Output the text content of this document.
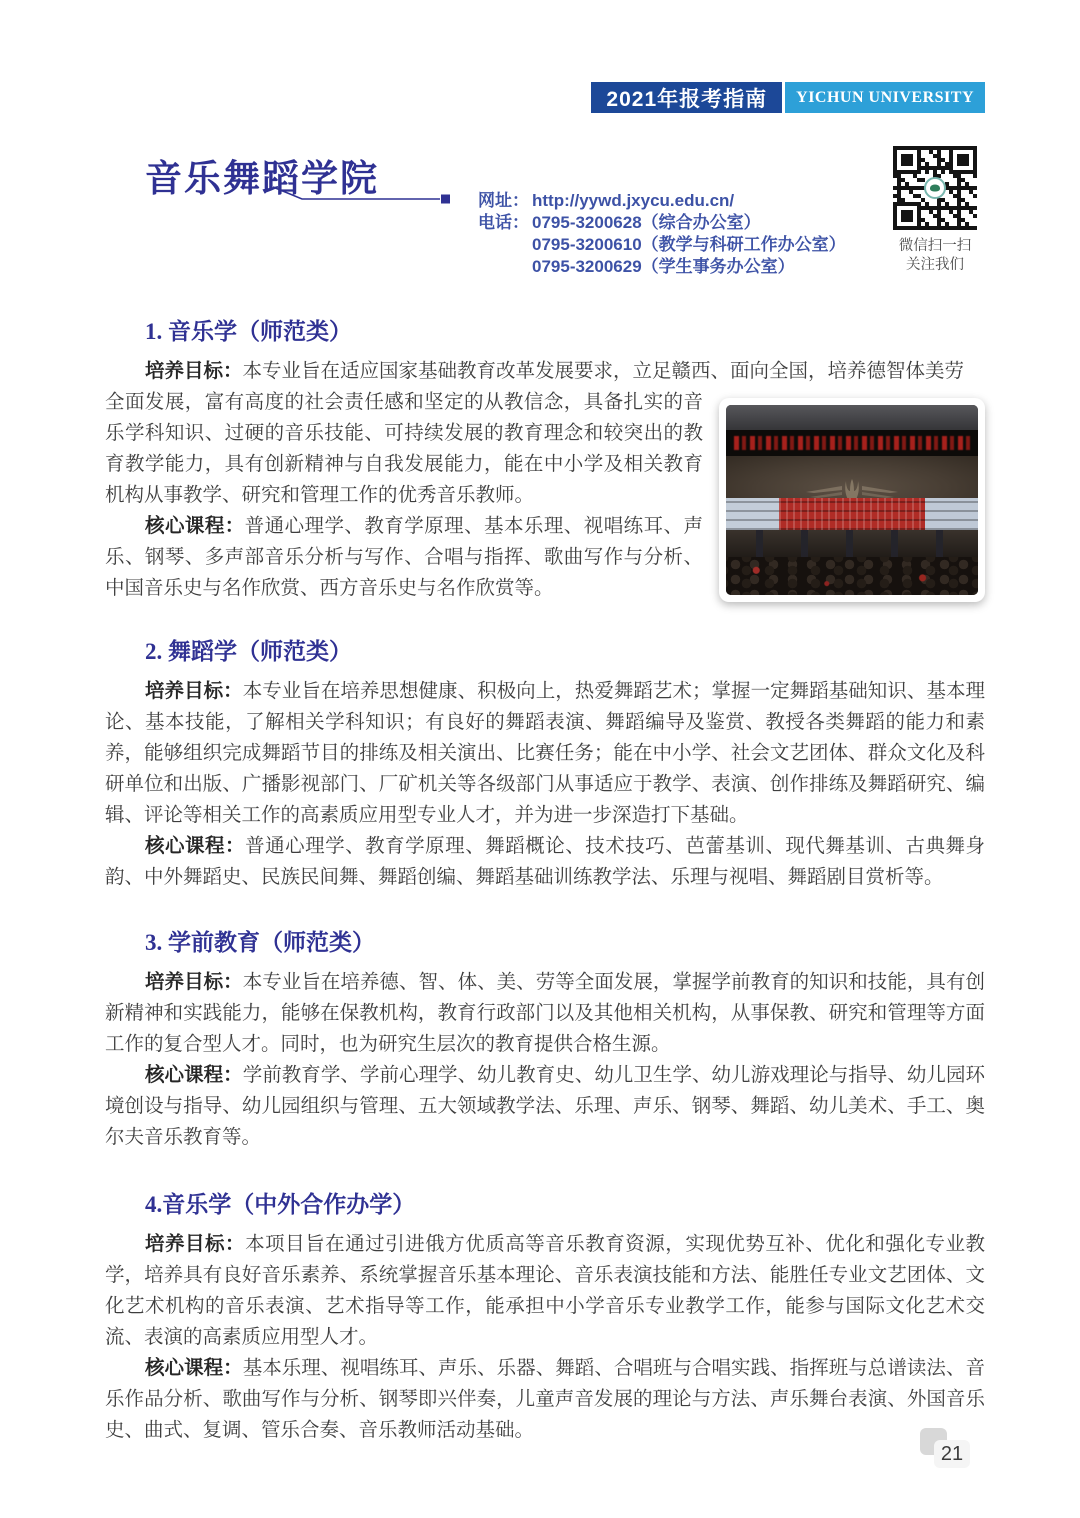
2021年报考指南	YICHUN UNIVERSITY
音乐舞蹈学院
网址： http://yywd.jxycu.edu.cn/
电话： 0795-3200628（综合办公室）
0795-3200610（教学与科研工作办公室）
0795-3200629（学生事务办公室）
微信扫一扫
关注我们
1. 音乐学（师范类）

培养目标：本专业旨在适应国家基础教育改革发展要求，立足赣西、面向全国，培养德智体美劳

全面发展，富有高度的社会责任感和坚定的从教信念，具备扎实的音乐学科知识、过硬的音乐技能、可持续发展的教育理念和较突出的教育教学能力，具有创新精神与自我发展能力，能在中小学及相关教育机构从事教学、研究和管理工作的优秀音乐教师。

核心课程：普通心理学、教育学原理、基本乐理、视唱练耳、声乐、钢琴、多声部音乐分析与写作、合唱与指挥、歌曲写作与分析、中国音乐史与名作欣赏、西方音乐史与名作欣赏等。

2. 舞蹈学（师范类）

培养目标：本专业旨在培养思想健康、积极向上，热爱舞蹈艺术；掌握一定舞蹈基础知识、基本理论、基本技能，了解相关学科知识；有良好的舞蹈表演、舞蹈编导及鉴赏、教授各类舞蹈的能力和素养，能够组织完成舞蹈节目的排练及相关演出、比赛任务；能在中小学、社会文艺团体、群众文化及科研单位和出版、广播影视部门、厂矿机关等各级部门从事适应于教学、表演、创作排练及舞蹈研究、编辑、评论等相关工作的高素质应用型专业人才，并为进一步深造打下基础。

核心课程：普通心理学、教育学原理、舞蹈概论、技术技巧、芭蕾基训、现代舞基训、古典舞身韵、中外舞蹈史、民族民间舞、舞蹈创编、舞蹈基础训练教学法、乐理与视唱、舞蹈剧目赏析等。

3. 学前教育（师范类）

培养目标：本专业旨在培养德、智、体、美、劳等全面发展，掌握学前教育的知识和技能，具有创新精神和实践能力，能够在保教机构，教育行政部门以及其他相关机构，从事保教、研究和管理等方面工作的复合型人才。同时，也为研究生层次的教育提供合格生源。

核心课程：学前教育学、学前心理学、幼儿教育史、幼儿卫生学、幼儿游戏理论与指导、幼儿园环境创设与指导、幼儿园组织与管理、五大领域教学法、乐理、声乐、钢琴、舞蹈、幼儿美术、手工、奥尔夫音乐教育等。

4.音乐学（中外合作办学）

培养目标：本项目旨在通过引进俄方优质高等音乐教育资源，实现优势互补、优化和强化专业教学，培养具有良好音乐素养、系统掌握音乐基本理论、音乐表演技能和方法、能胜任专业文艺团体、文化艺术机构的音乐表演、艺术指导等工作，能承担中小学音乐专业教学工作，能参与国际文化艺术交流、表演的高素质应用型人才。

核心课程：基本乐理、视唱练耳、声乐、乐器、舞蹈、合唱班与合唱实践、指挥班与总谱读法、音乐作品分析、歌曲写作与分析、钢琴即兴伴奏，儿童声音发展的理论与方法、声乐舞台表演、外国音乐史、曲式、复调、管乐合奏、音乐教师活动基础。

21
